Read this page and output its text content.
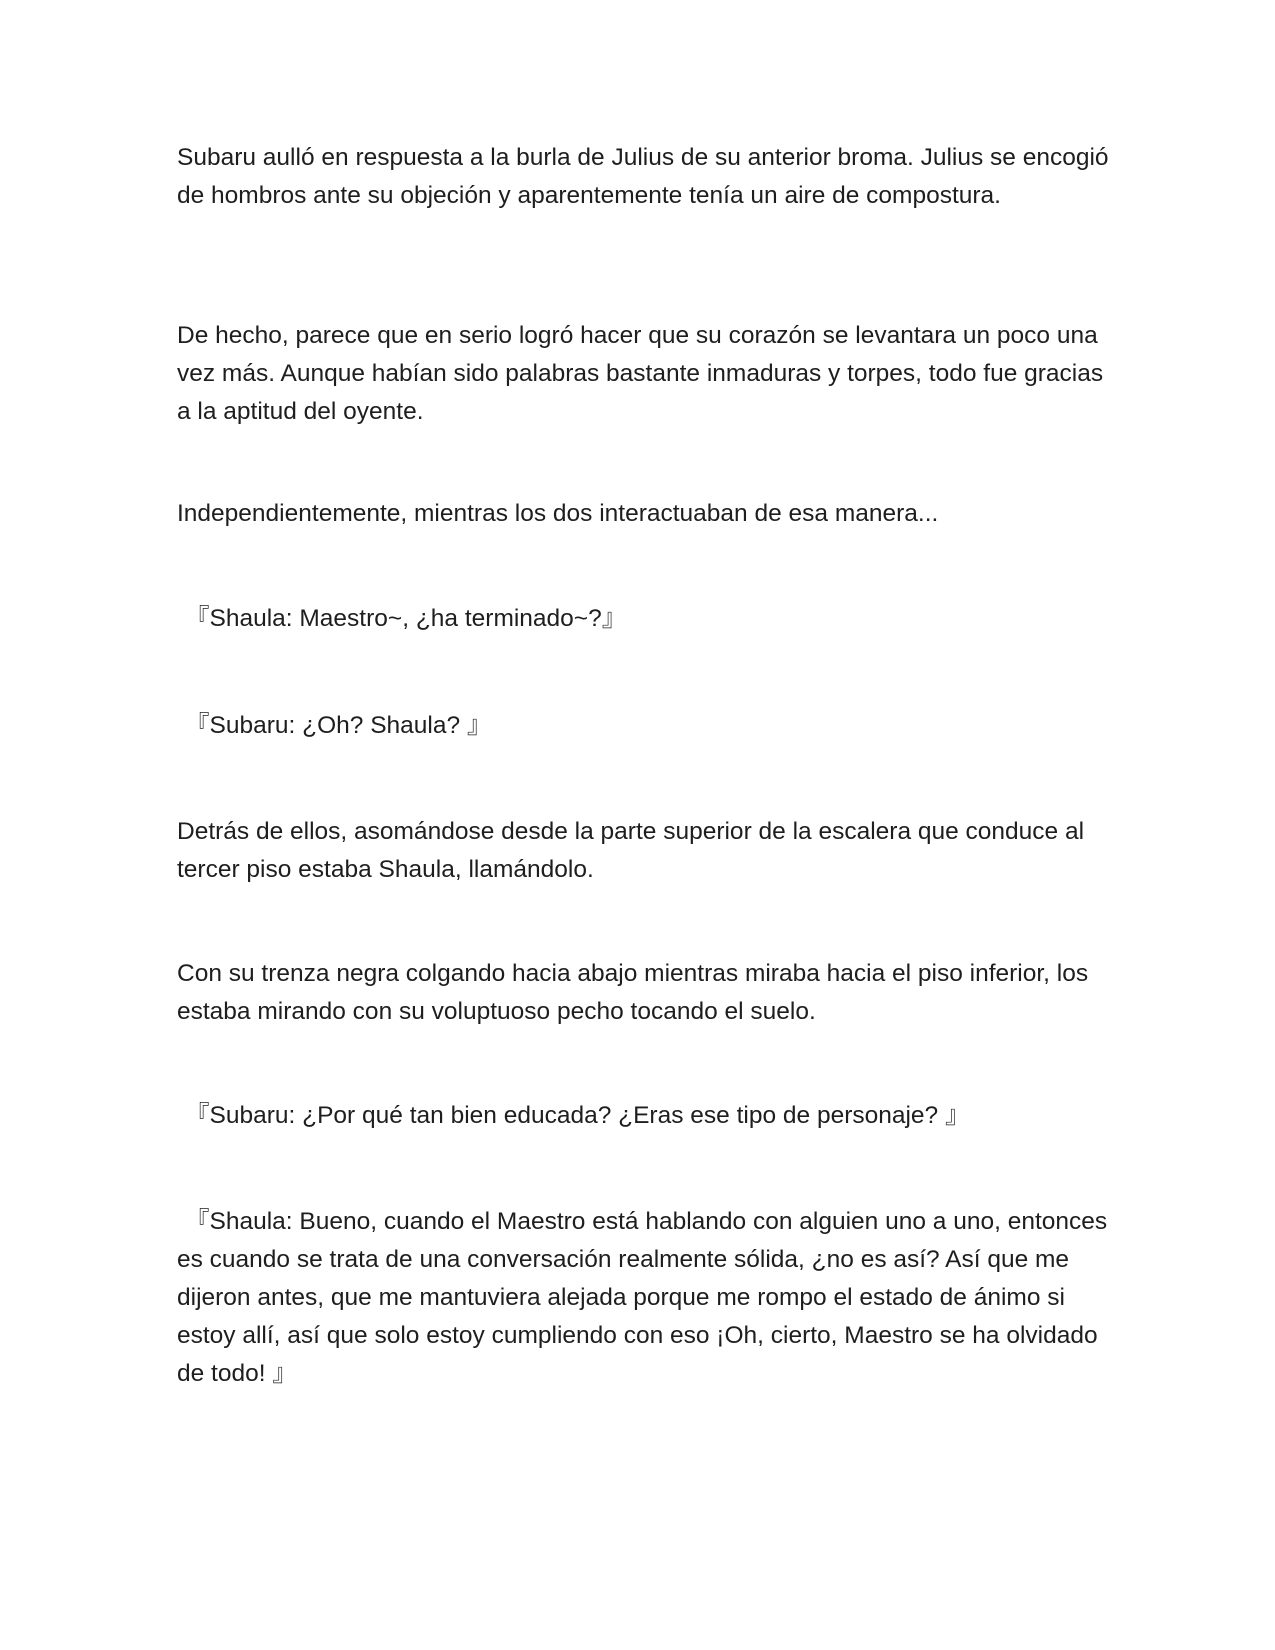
Subaru aulló en respuesta a la burla de Julius de su anterior broma. Julius se encogió de hombros ante su objeción y aparentemente tenía un aire de compostura.

De hecho, parece que en serio logró hacer que su corazón se levantara un poco una vez más. Aunque habían sido palabras bastante inmaduras y torpes, todo fue gracias a la aptitud del oyente.

Independientemente, mientras los dos interactuaban de esa manera...

『Shaula: Maestro~, ¿ha terminado~?』

『Subaru: ¿Oh? Shaula? 』

Detrás de ellos, asomándose desde la parte superior de la escalera que conduce al tercer piso estaba Shaula, llamándolo.

Con su trenza negra colgando hacia abajo mientras miraba hacia el piso inferior, los estaba mirando con su voluptuoso pecho tocando el suelo.

『Subaru: ¿Por qué tan bien educada? ¿Eras ese tipo de personaje? 』

『Shaula: Bueno, cuando el Maestro está hablando con alguien uno a uno, entonces es cuando se trata de una conversación realmente sólida, ¿no es así? Así que me dijeron antes, que me mantuviera alejada porque me rompo el estado de ánimo si estoy allí, así que solo estoy cumpliendo con eso ¡Oh, cierto, Maestro se ha olvidado de todo! 』
